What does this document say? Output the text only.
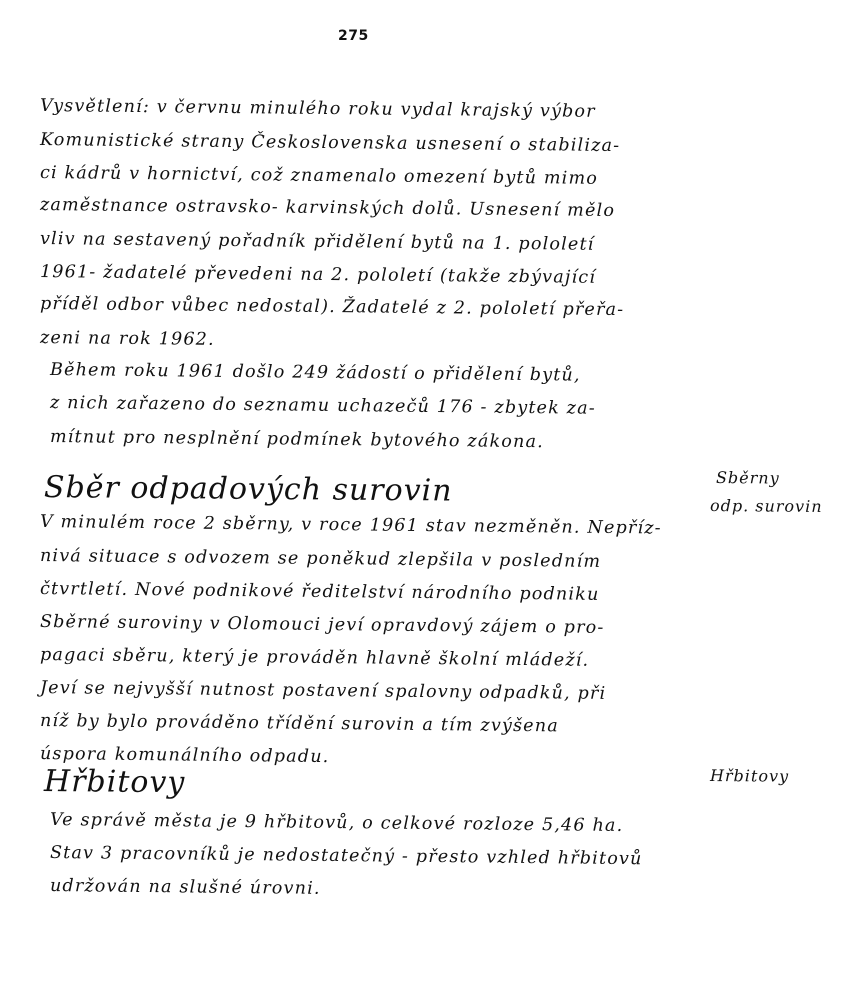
275
Vysvětlení: v červnu minulého roku vydal krajský výbor
Komunistické strany Československa usnesení o stabiliza-
ci kádrů v hornictví, což znamenalo omezení bytů mimo
zaměstnance ostravsko- karvinských dolů. Usnesení mělo
vliv na sestavený pořadník přidělení bytů na 1. pololetí
1961- žadatelé převedeni na 2. pololetí (takže zbývající
příděl odbor vůbec nedostal). Žadatelé z 2. pololetí přeřa-
zeni na rok 1962.
Během roku 1961 došlo 249 žádostí o přidělení bytů,
z nich zařazeno do seznamu uchazečů 176 - zbytek za-
mítnut pro nesplnění podmínek bytového zákona.
Sběr odpadových surovin	Sběrny
odp. surovin
V minulém roce 2 sběrny, v roce 1961 stav nezměněn. Nepříz-
nivá situace s odvozem se poněkud zlepšila v posledním
čtvrtletí. Nové podnikové ředitelství národního podniku
Sběrné suroviny v Olomouci jeví opravdový zájem o pro-
pagaci sběru, který je prováděn hlavně školní mládeží.
Jeví se nejvyšší nutnost postavení spalovny odpadků, při
níž by bylo prováděno třídění surovin a tím zvýšena
úspora komunálního odpadu.
Hřbitovy	Hřbitovy
Ve správě města je 9 hřbitovů, o celkové rozloze 5,46 ha.
Stav 3 pracovníků je nedostatečný - přesto vzhled hřbitovů
udržován na slušné úrovni.
